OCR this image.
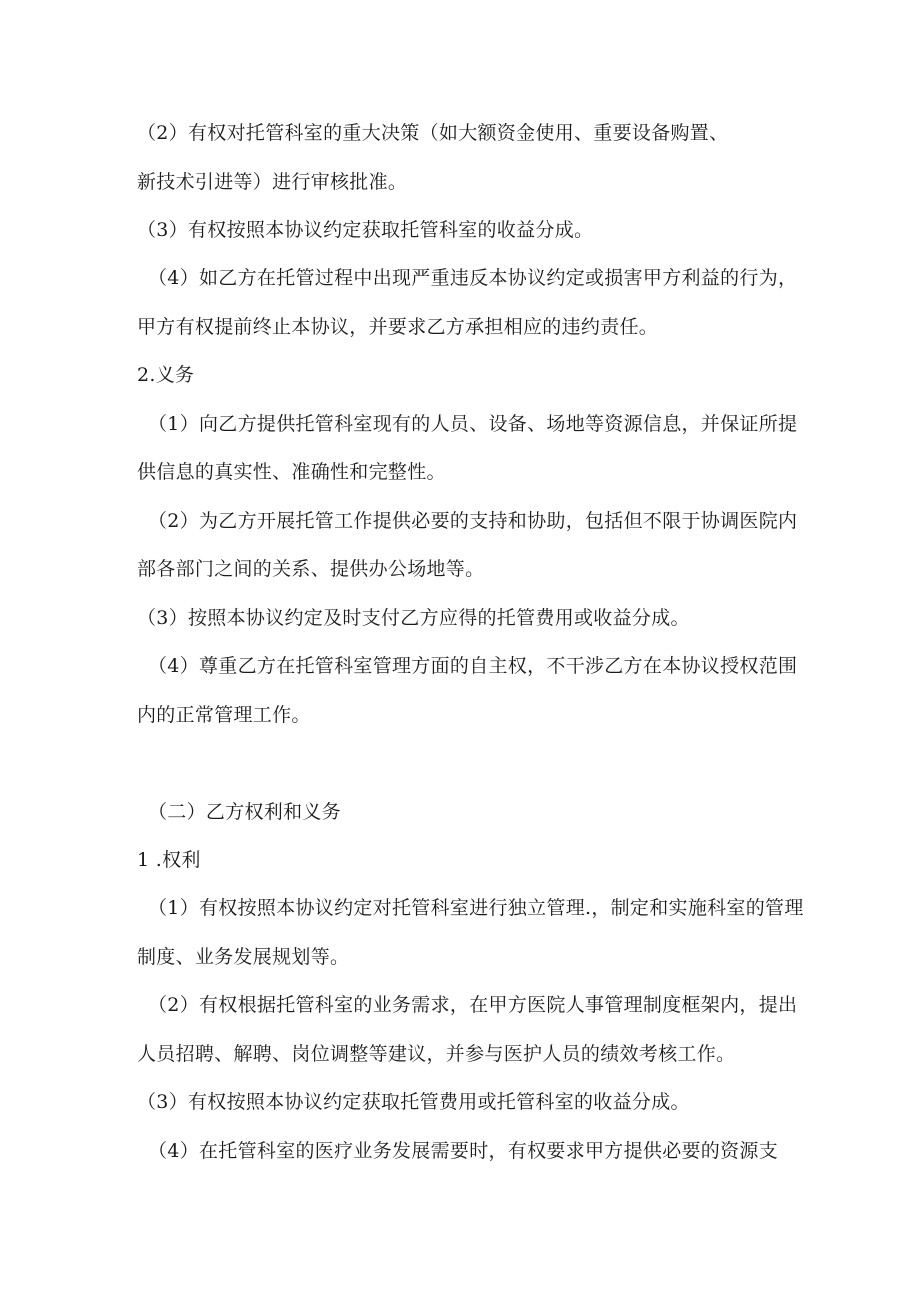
（2）有权对托管科室的重大决策（如大额资金使用、重要设备购置、

新技术引进等）进行审核批准。

（3）有权按照本协议约定获取托管科室的收益分成。

（4）如乙方在托管过程中出现严重违反本协议约定或损害甲方利益的行为，

甲方有权提前终止本协议，并要求乙方承担相应的违约责任。

2.义务

（1）向乙方提供托管科室现有的人员、设备、场地等资源信息，并保证所提

供信息的真实性、准确性和完整性。

（2）为乙方开展托管工作提供必要的支持和协助，包括但不限于协调医院内

部各部门之间的关系、提供办公场地等。

（3）按照本协议约定及时支付乙方应得的托管费用或收益分成。

（4）尊重乙方在托管科室管理方面的自主权，不干涉乙方在本协议授权范围

内的正常管理工作。

（二）乙方权利和义务

1 .权利

（1）有权按照本协议约定对托管科室进行独立管理.，制定和实施科室的管理

制度、业务发展规划等。

（2）有权根据托管科室的业务需求，在甲方医院人事管理制度框架内，提出

人员招聘、解聘、岗位调整等建议，并参与医护人员的绩效考核工作。

（3）有权按照本协议约定获取托管费用或托管科室的收益分成。

（4）在托管科室的医疗业务发展需要时，有权要求甲方提供必要的资源支
